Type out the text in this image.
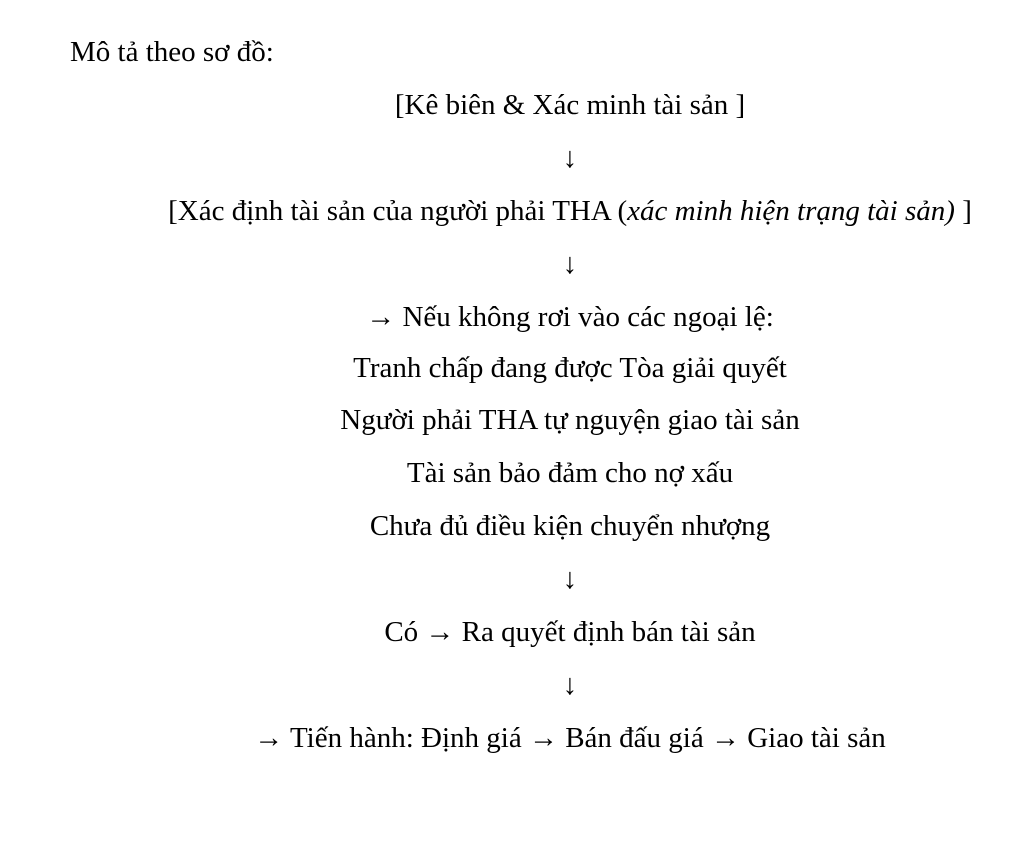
Mô tả theo sơ đồ:
[Kê biên & Xác minh tài sản ]
↓
[Xác định tài sản của người phải THA (xác minh hiện trạng tài sản) ]
↓
→ Nếu không rơi vào các ngoại lệ:
Tranh chấp đang được Tòa giải quyết
Người phải THA tự nguyện giao tài sản
Tài sản bảo đảm cho nợ xấu
Chưa đủ điều kiện chuyển nhượng
↓
Có → Ra quyết định bán tài sản
↓
→ Tiến hành: Định giá → Bán đấu giá → Giao tài sản
